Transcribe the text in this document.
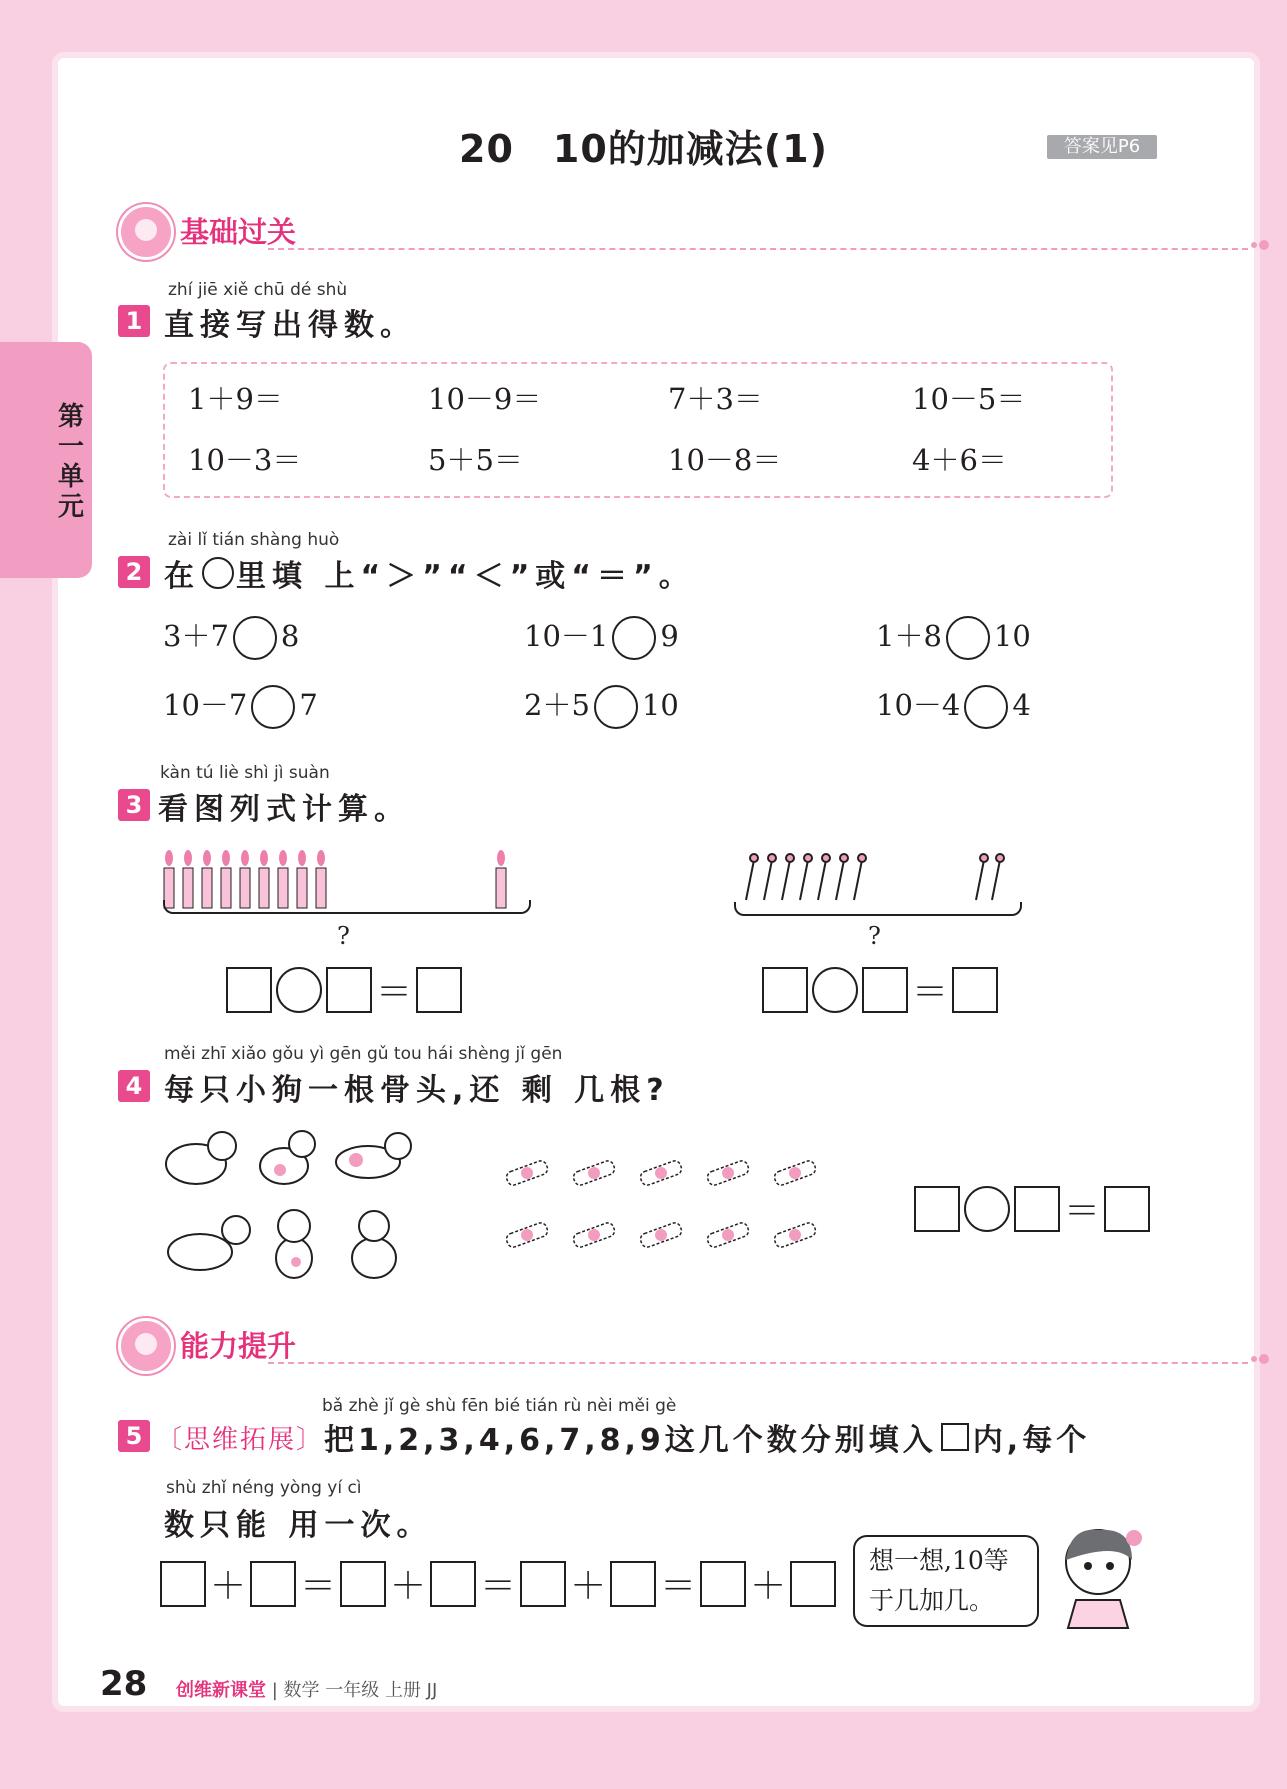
第
一
单
元
20　10的加减法(1)	答案见P6
基础过关
zhí jiē xiě chū dé shù
1 直接写出得数。
1＋9＝	10－9＝	7＋3＝	10－5＝
10－3＝	5＋5＝	10－8＝	4＋6＝
zài lǐ tián shàng huò
2 在 里填 上“＞”“＜”或“＝”。
3＋7 8	10－1 9	1＋8 10
10－7 7	2＋5 10	10－4 4
kàn tú liè shì jì suàn
3 看图列式计算。
?
＝
?
＝
měi zhī xiǎo gǒu yì gēn gǔ tou hái shèng jǐ gēn
4 每只小狗一根骨头,还 剩 几根?
＝
能力提升
bǎ zhè jǐ gè shù fēn bié tián rù nèi měi gè
5 〔思维拓展〕 把1,2,3,4,6,7,8,9这几个数分别填入 内,每个
shù zhǐ néng yòng yí cì
数只能 用一次。
＋ ＝ ＋ ＝ ＋ ＝ ＋
想一想,10等
于几加几。
28 创维新课堂 | 数学 一年级 上册 JJ
